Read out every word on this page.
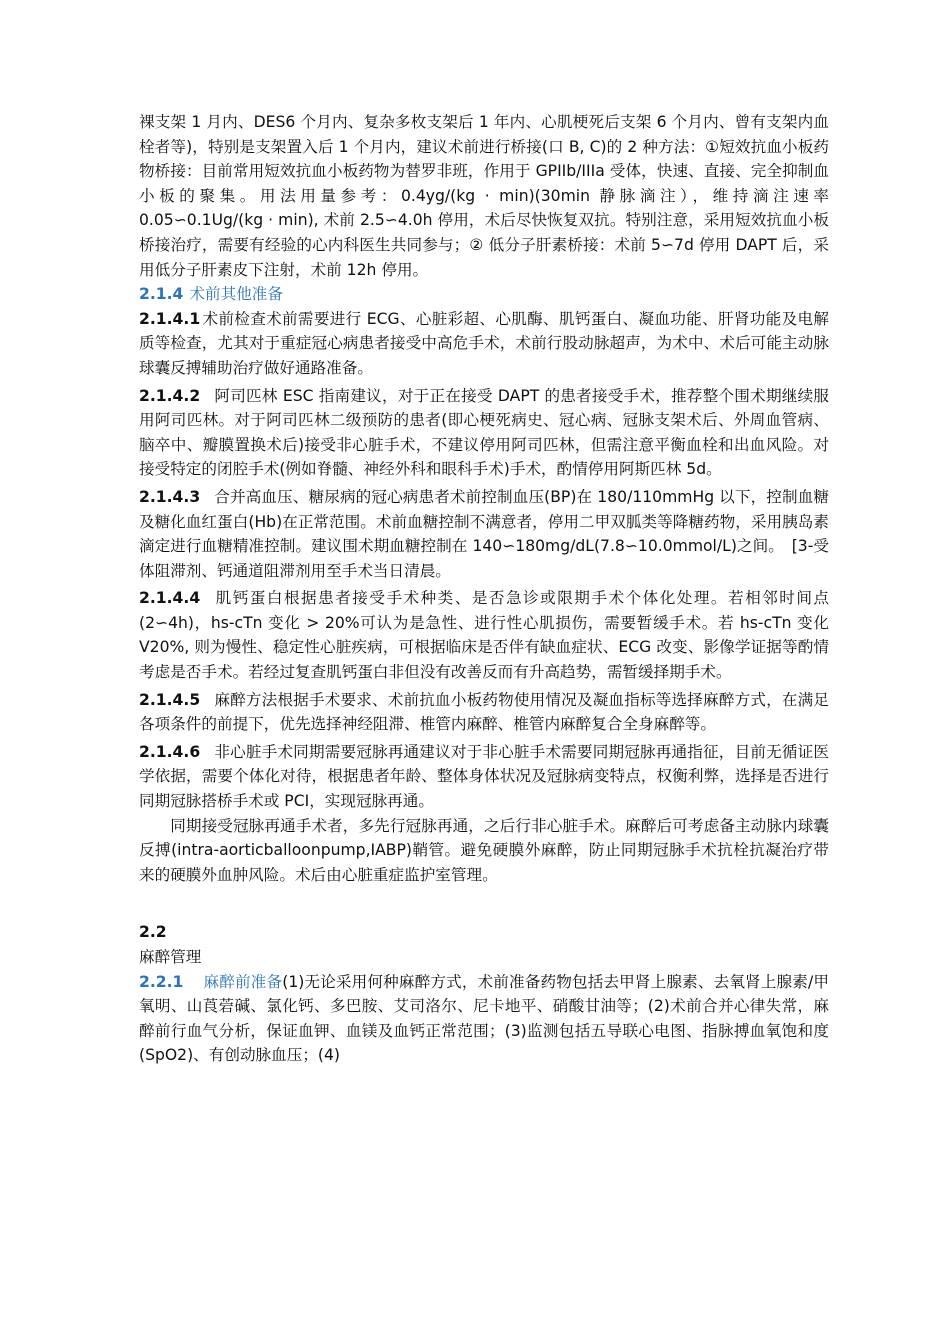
裸支架 1 月内、DES6 个月内、复杂多枚支架后 1 年内、心肌梗死后支架 6 个月内、曾有支架内血栓者等)，特别是支架置入后 1 个月内，建议术前进行桥接(口 B, C)的 2 种方法：①短效抗血小板药物桥接：目前常用短效抗血小板药物为替罗非班，作用于 GPIIb/IIIa 受体，快速、直接、完全抑制血小板的聚集。用法用量参考：0.4yg/(kg · min)(30min 静脉滴注），维持滴注速率 0.05∽0.1Ug/(kg · min), 术前 2.5∽4.0h 停用，术后尽快恢复双抗。特别注意，采用短效抗血小板桥接治疗，需要有经验的心内科医生共同参与；② 低分子肝素桥接：术前 5∽7d 停用 DAPT 后，采用低分子肝素皮下注射，术前 12h 停用。

2.1.4 术前其他准备

2.1.4.1 术前检查术前需要进行 ECG、心脏彩超、心肌酶、肌钙蛋白、凝血功能、肝肾功能及电解质等检查，尤其对于重症冠心病患者接受中高危手术，术前行股动脉超声，为术中、术后可能主动脉球囊反搏辅助治疗做好通路准备。

2.1.4.2 阿司匹林 ESC 指南建议，对于正在接受 DAPT 的患者接受手术，推荐整个围术期继续服用阿司匹林。对于阿司匹林二级预防的患者(即心梗死病史、冠心病、冠脉支架术后、外周血管病、脑卒中、瓣膜置换术后)接受非心脏手术，不建议停用阿司匹林，但需注意平衡血栓和出血风险。对接受特定的闭腔手术(例如脊髓、神经外科和眼科手术)手术，酌情停用阿斯匹林 5d。

2.1.4.3 合并高血压、糖尿病的冠心病患者术前控制血压(BP)在 180/110mmHg 以下，控制血糖及糖化血红蛋白(Hb)在正常范围。术前血糖控制不满意者，停用二甲双胍类等降糖药物，采用胰岛素滴定进行血糖精准控制。建议围术期血糖控制在 140∽180mg/dL(7.8∽10.0mmol/L)之间。　[3-受体阻滞剂、钙通道阻滞剂用至手术当日清晨。

2.1.4.4 肌钙蛋白根据患者接受手术种类、是否急诊或限期手术个体化处理。若相邻时间点(2∽4h)，hs-cTn 变化 > 20%可认为是急性、进行性心肌损伤，需要暂缓手术。若 hs-cTn 变化 V20%, 则为慢性、稳定性心脏疾病，可根据临床是否伴有缺血症状、ECG 改变、影像学证据等酌情考虑是否手术。若经过复查肌钙蛋白非但没有改善反而有升高趋势，需暂缓择期手术。

2.1.4.5 麻醉方法根据手术要求、术前抗血小板药物使用情况及凝血指标等选择麻醉方式，在满足各项条件的前提下，优先选择神经阻滞、椎管内麻醉、椎管内麻醉复合全身麻醉等。

2.1.4.6 非心脏手术同期需要冠脉再通建议对于非心脏手术需要同期冠脉再通指征，目前无循证医学依据，需要个体化对待，根据患者年龄、整体身体状况及冠脉病变特点，权衡利弊，选择是否进行同期冠脉搭桥手术或 PCI，实现冠脉再通。

同期接受冠脉再通手术者，多先行冠脉再通，之后行非心脏手术。麻醉后可考虑备主动脉内球囊反搏(intra-aorticballoonpump,IABP)鞘管。避免硬膜外麻醉，防止同期冠脉手术抗栓抗凝治疗带来的硬膜外血肿风险。术后由心脏重症监护室管理。

2.2

麻醉管理

2.2.1 麻醉前准备(1)无论采用何种麻醉方式，术前准备药物包括去甲肾上腺素、去氧肾上腺素/甲氧明、山莨菪碱、氯化钙、多巴胺、艾司洛尔、尼卡地平、硝酸甘油等；(2)术前合并心律失常，麻醉前行血气分析，保证血钾、血镁及血钙正常范围；(3)监测包括五导联心电图、指脉搏血氧饱和度(SpO2)、有创动脉血压；(4)
